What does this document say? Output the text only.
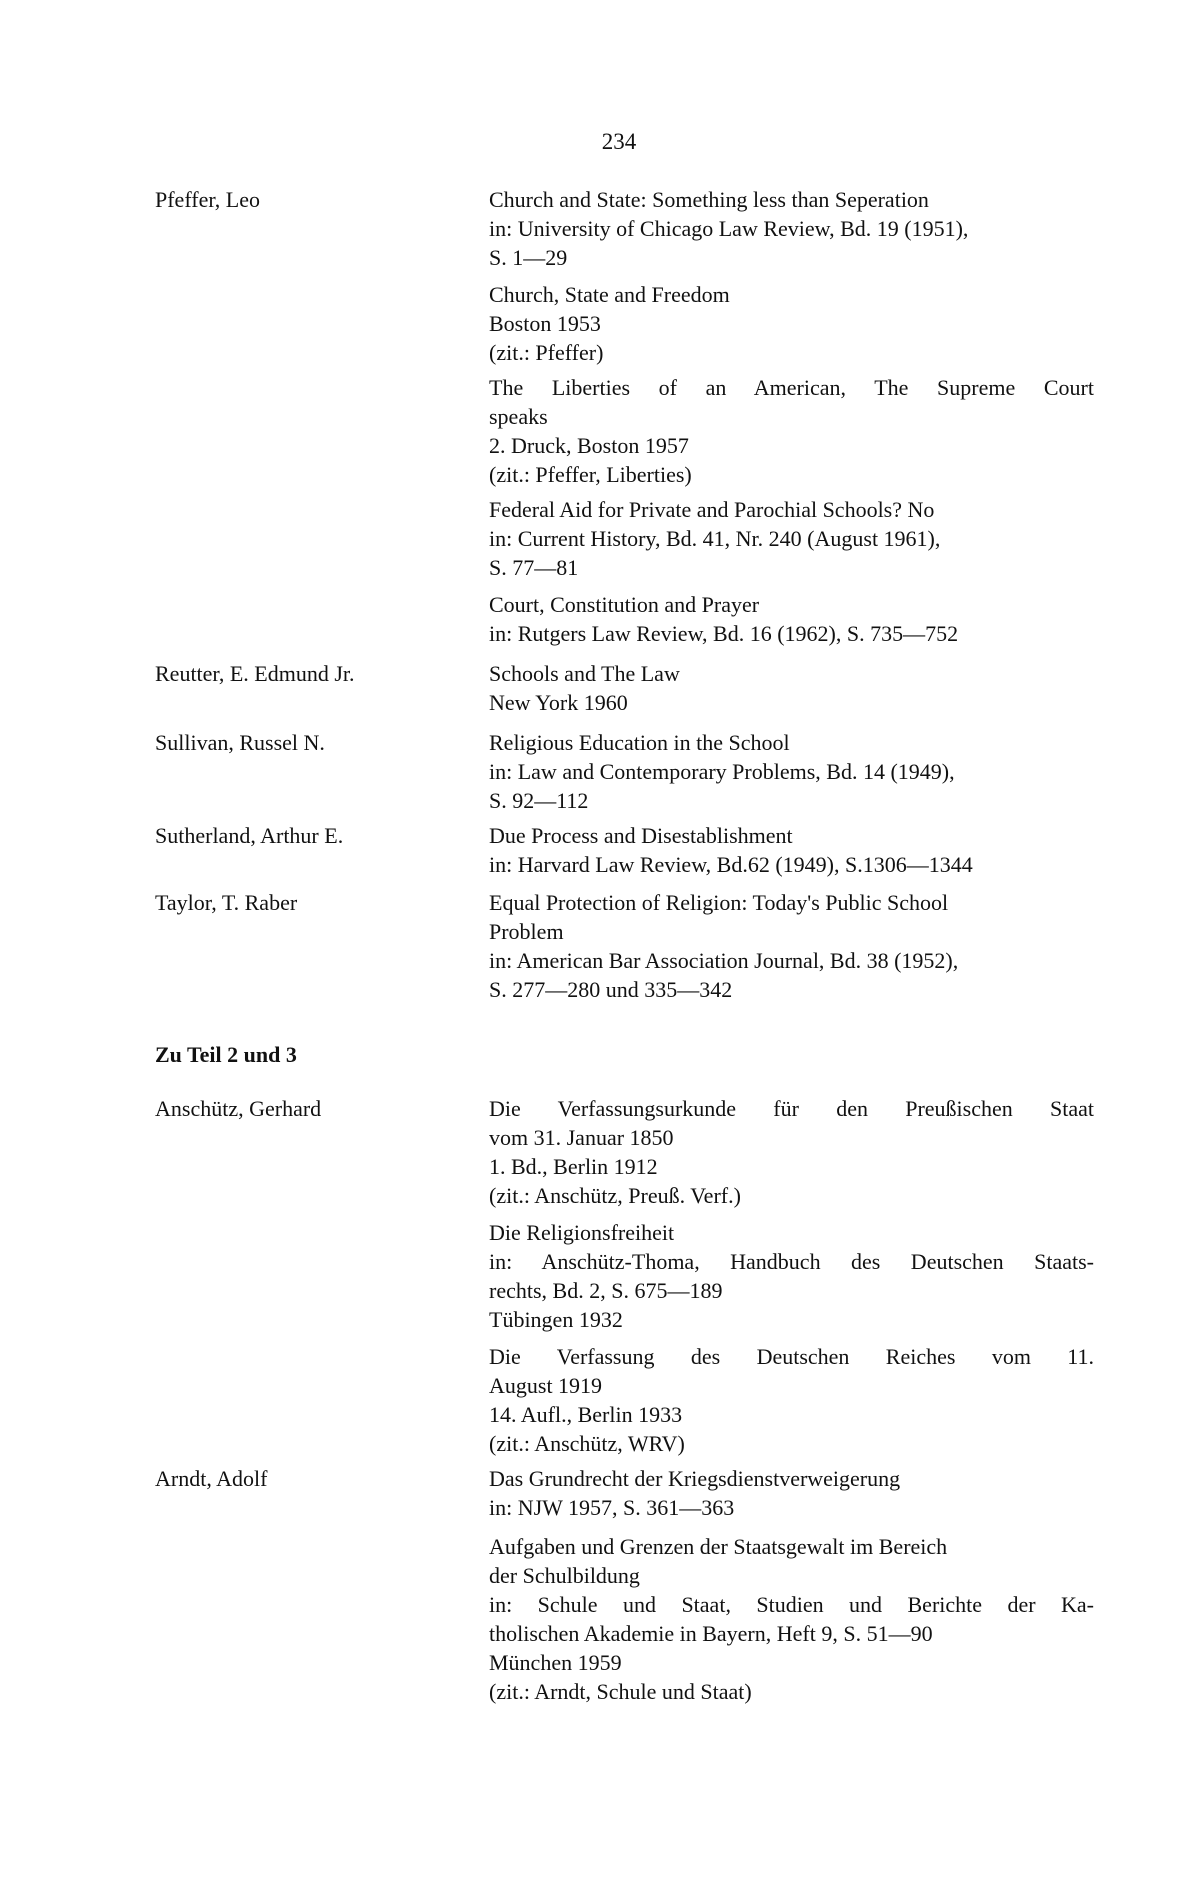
234
Pfeffer, Leo
Reutter, E. Edmund Jr.
Sullivan, Russel N.
Sutherland, Arthur E.
Taylor, T. Raber
Zu Teil 2 und 3
Anschütz, Gerhard
Arndt, Adolf
Church and State: Something less than Seperation
in: University of Chicago Law Review, Bd. 19 (1951),
S. 1—29
Church, State and Freedom
Boston 1953
(zit.: Pfeffer)
The Liberties of an American, The Supreme Court
speaks
2. Druck, Boston 1957
(zit.: Pfeffer, Liberties)
Federal Aid for Private and Parochial Schools? No
in: Current History, Bd. 41, Nr. 240 (August 1961),
S. 77—81
Court, Constitution and Prayer
in: Rutgers Law Review, Bd. 16 (1962), S. 735—752
Schools and The Law
New York 1960
Religious Education in the School
in: Law and Contemporary Problems, Bd. 14 (1949),
S. 92—112
Due Process and Disestablishment
in: Harvard Law Review, Bd.62 (1949), S.1306—1344
Equal Protection of Religion: Today's Public School
Problem
in: American Bar Association Journal, Bd. 38 (1952),
S. 277—280 und 335—342
Die Verfassungsurkunde für den Preußischen Staat
vom 31. Januar 1850
1. Bd., Berlin 1912
(zit.: Anschütz, Preuß. Verf.)
Die Religionsfreiheit
in: Anschütz-Thoma, Handbuch des Deutschen Staats-
rechts, Bd. 2, S. 675—189
Tübingen 1932
Die Verfassung des Deutschen Reiches vom 11.
August 1919
14. Aufl., Berlin 1933
(zit.: Anschütz, WRV)
Das Grundrecht der Kriegsdienstverweigerung
in: NJW 1957, S. 361—363
Aufgaben und Grenzen der Staatsgewalt im Bereich
der Schulbildung
in: Schule und Staat, Studien und Berichte der Ka-
tholischen Akademie in Bayern, Heft 9, S. 51—90
München 1959
(zit.: Arndt, Schule und Staat)
